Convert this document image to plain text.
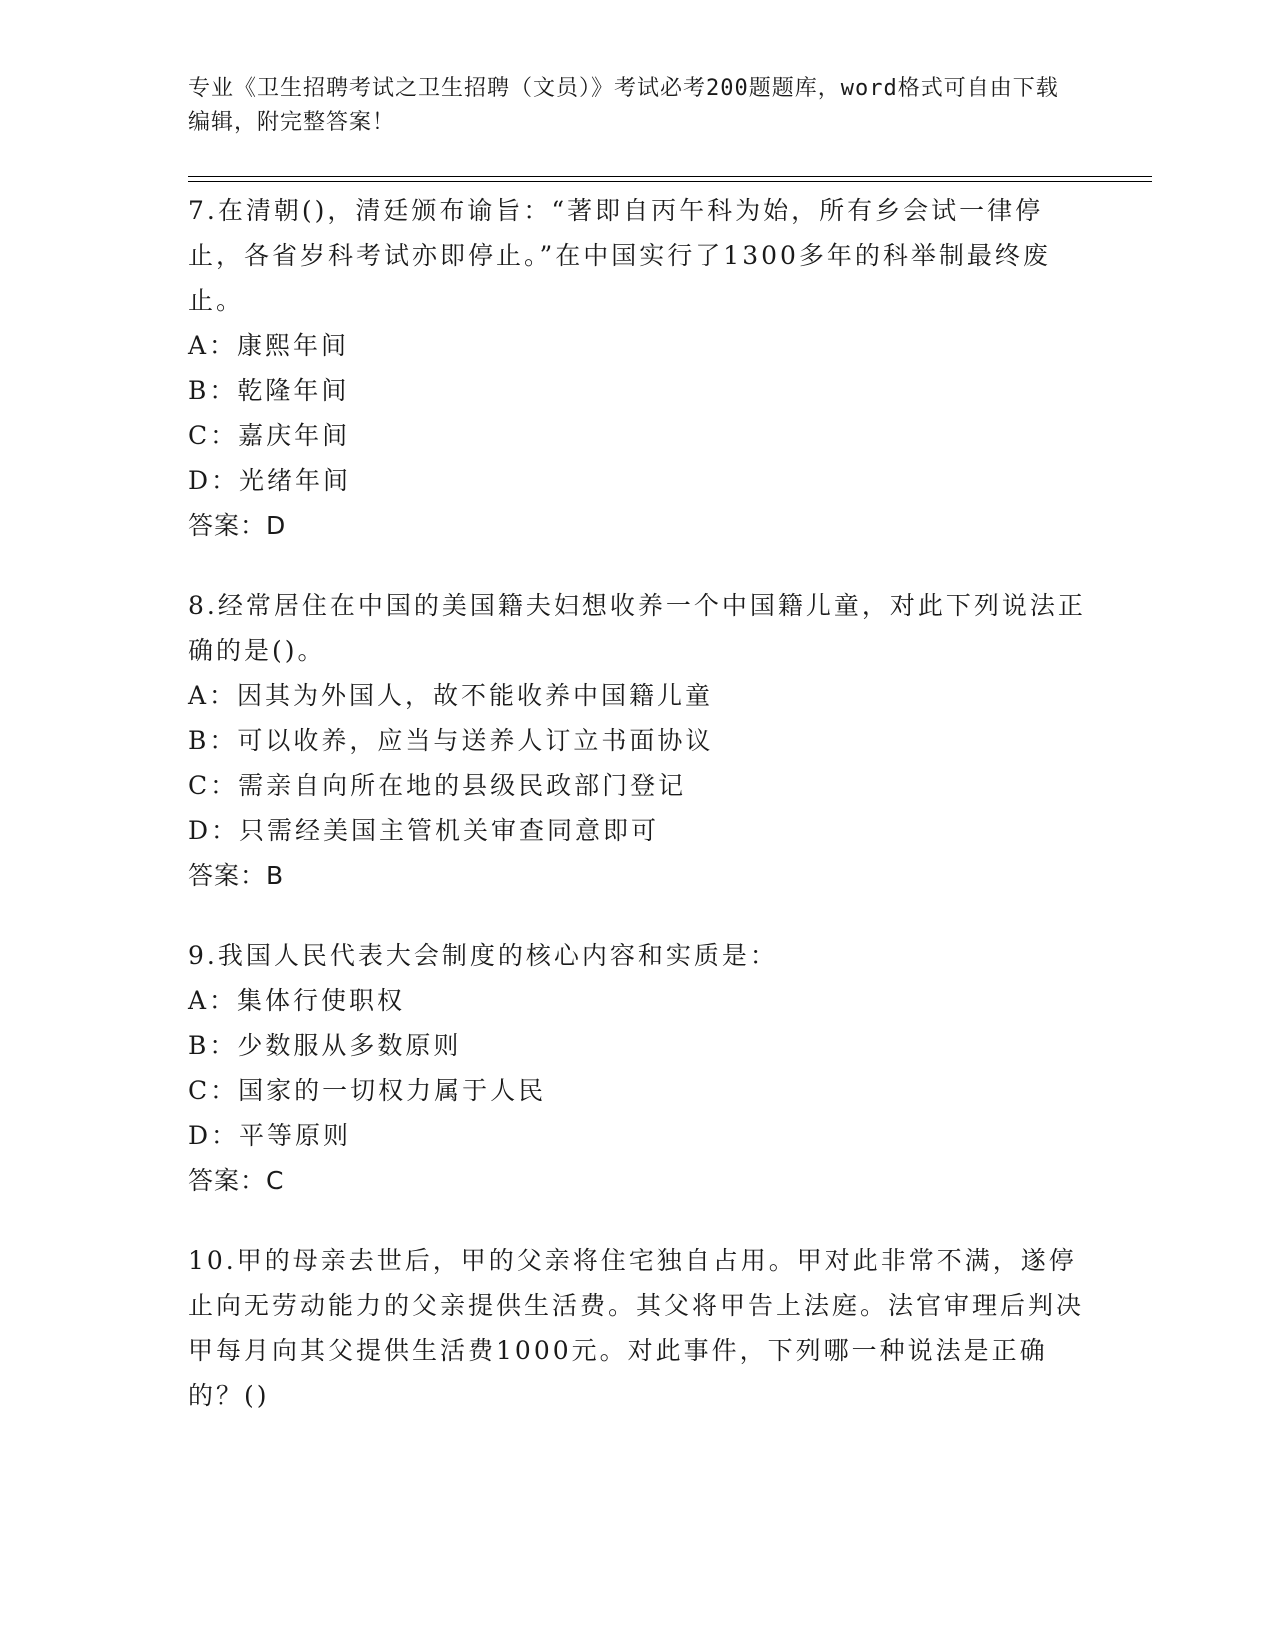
专业《卫生招聘考试之卫生招聘（文员）》考试必考200题题库，word格式可自由下载编辑，附完整答案！

7.在清朝()，清廷颁布谕旨：“著即自丙午科为始，所有乡会试一律停止，各省岁科考试亦即停止。”在中国实行了1300多年的科举制最终废止。

A：康熙年间

B：乾隆年间

C：嘉庆年间

D：光绪年间

答案：D

8.经常居住在中国的美国籍夫妇想收养一个中国籍儿童，对此下列说法正确的是()。

A：因其为外国人，故不能收养中国籍儿童

B：可以收养，应当与送养人订立书面协议

C：需亲自向所在地的县级民政部门登记

D：只需经美国主管机关审查同意即可

答案：B

9.我国人民代表大会制度的核心内容和实质是：

A：集体行使职权

B：少数服从多数原则

C：国家的一切权力属于人民

D：平等原则

答案：C

10.甲的母亲去世后，甲的父亲将住宅独自占用。甲对此非常不满，遂停止向无劳动能力的父亲提供生活费。其父将甲告上法庭。法官审理后判决甲每月向其父提供生活费1000元。对此事件，下列哪一种说法是正确的？()
